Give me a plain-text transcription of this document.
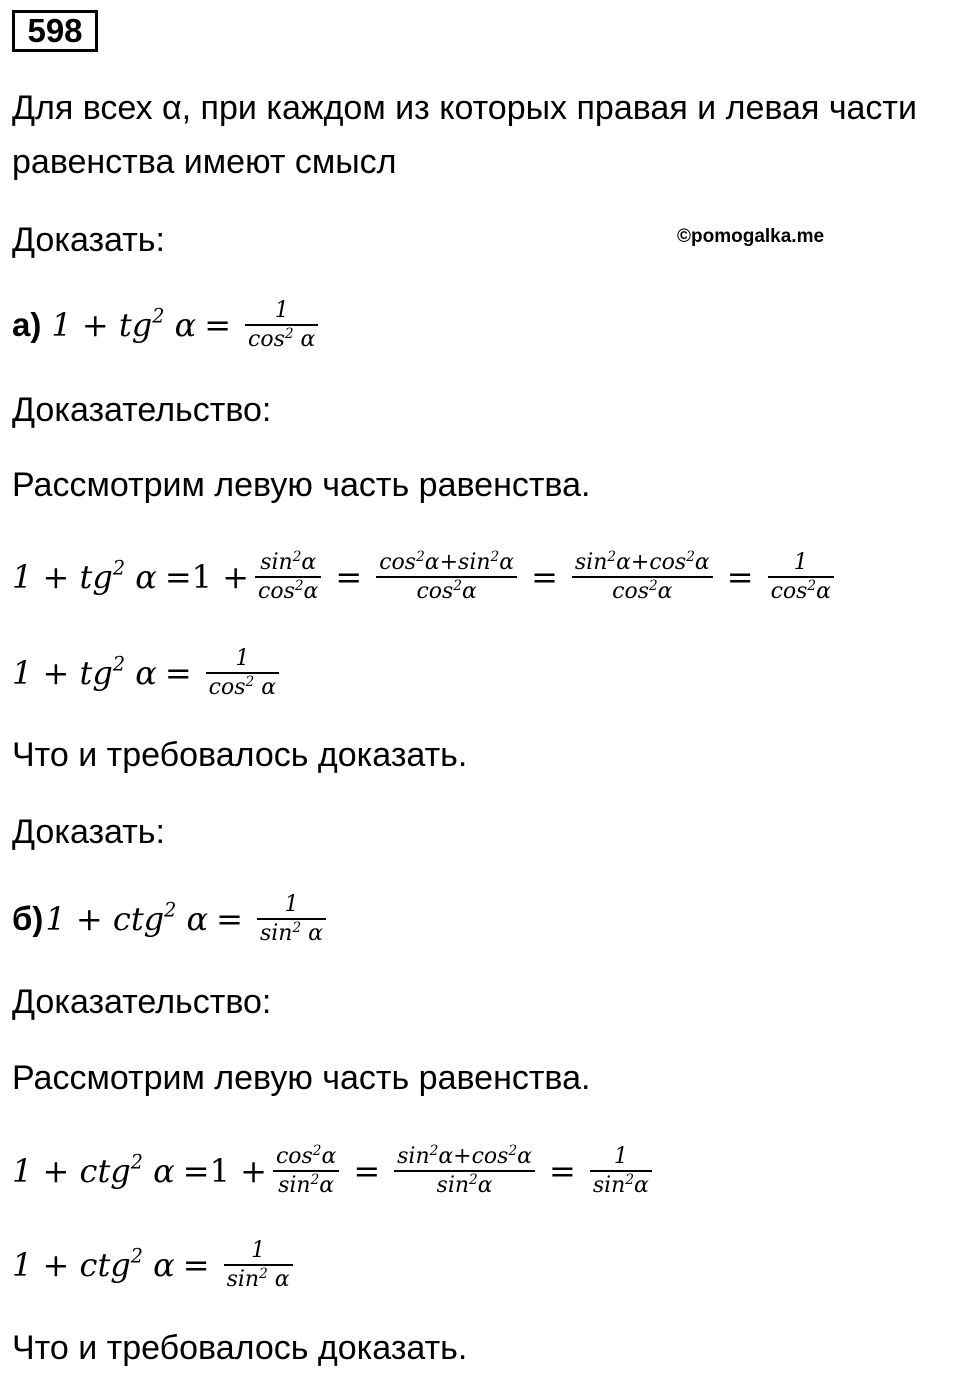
598
Для всех α, при каждом из которых правая и левая части
равенства имеют смысл
Доказать:	©pomogalka.me
а) $1 + tg^2$ $\alpha = \frac{1}{\cos^2 \alpha}$
Доказательство:
Рассмотрим левую часть равенства.
$1 + tg^2$ $\alpha =1 + \frac{\sin^2\alpha}{\cos^2\alpha} = \frac{\cos^2\alpha+\sin^2\alpha}{\cos^2\alpha} = \frac{\sin^2\alpha+\cos^2\alpha}{\cos^2\alpha} = \frac{1}{\cos^2\alpha}$
$1 + tg^2$ $\alpha = \frac{1}{\cos^2 \alpha}$
Что и требовалось доказать.
Доказать:
б) 1 + ctg$^2$ $\alpha = \frac{1}{\sin^2 \alpha}$
Доказательство:
Рассмотрим левую часть равенства.
1 + ctg$^2$ $\alpha =1 + \frac{\cos^2\alpha}{\sin^2\alpha} = \frac{\sin^2\alpha+\cos^2\alpha}{\sin^2\alpha} = \frac{1}{\sin^2\alpha}$
1 + ctg$^2$ $\alpha = \frac{1}{\sin^2 \alpha}$
Что и требовалось доказать.
